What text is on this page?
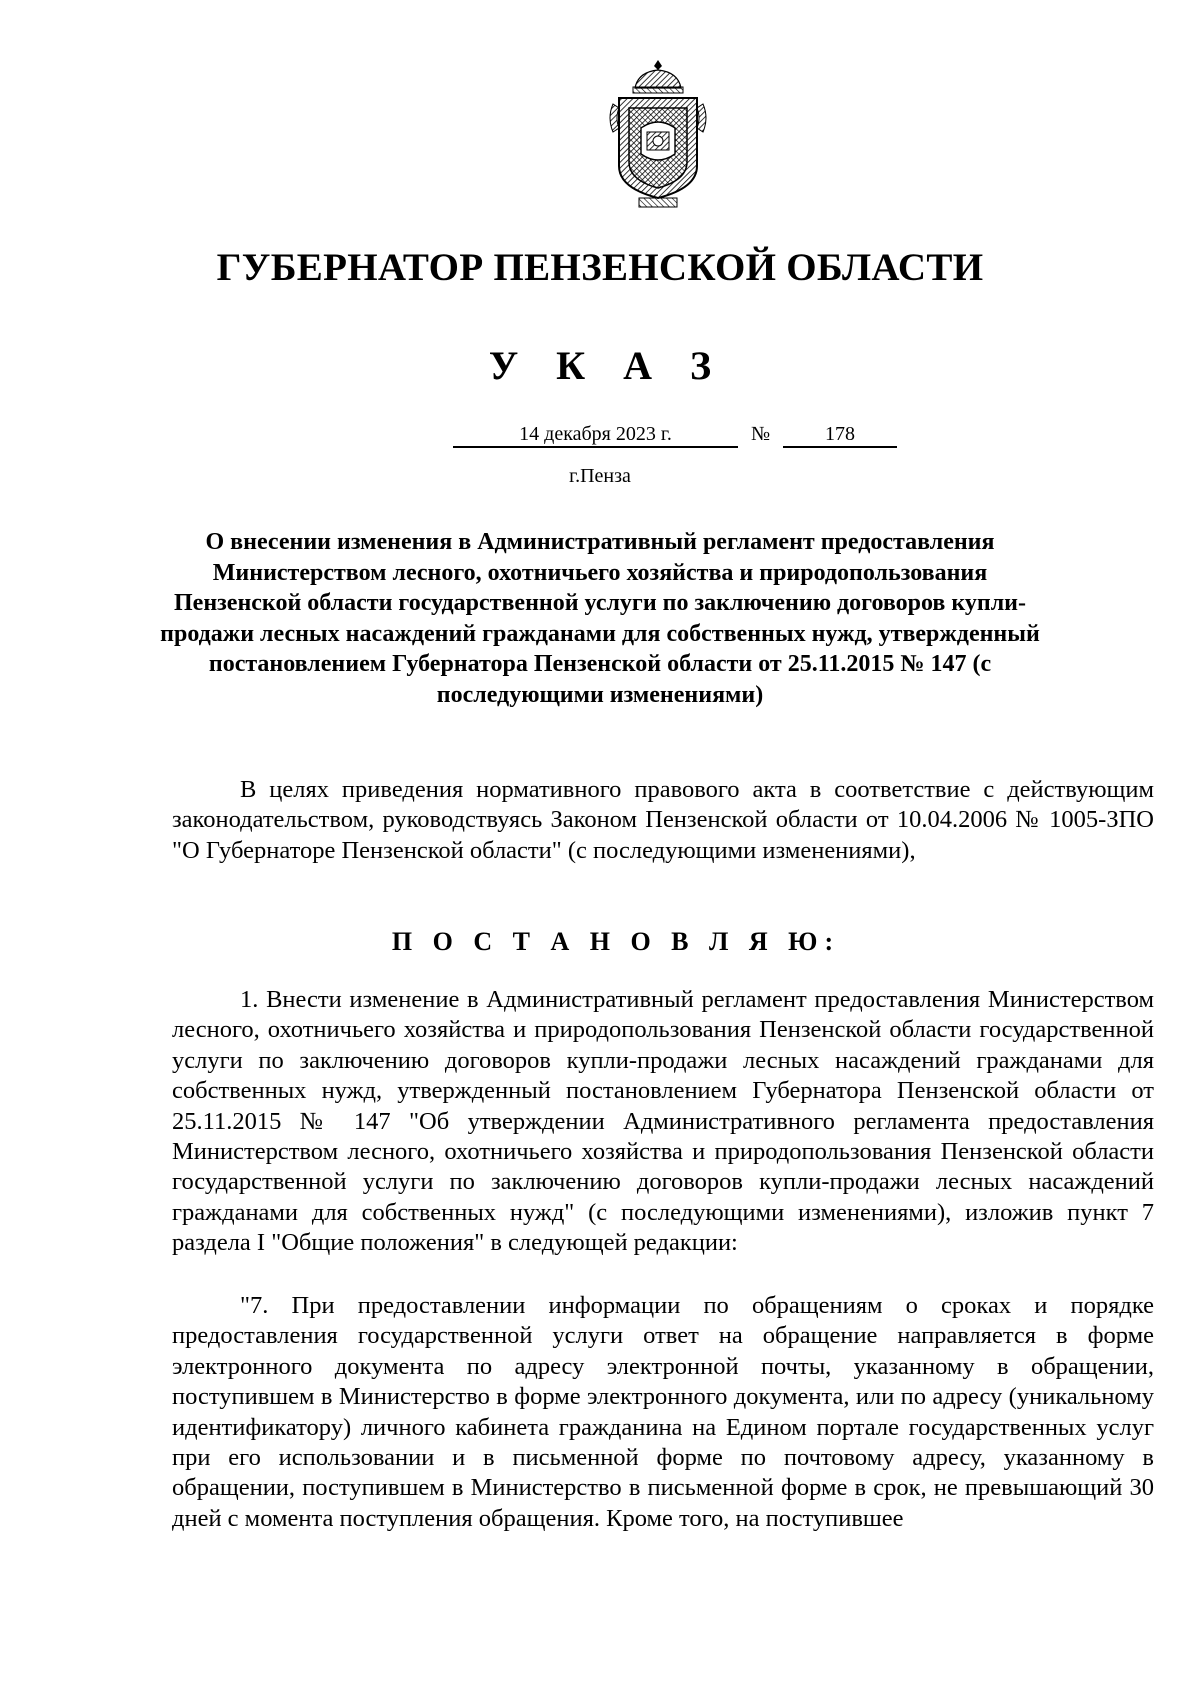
ГУБЕРНАТОР ПЕНЗЕНСКОЙ ОБЛАСТИ
У К А З
14 декабря 2023 г.	№	178
г.Пенза

О внесении изменения в Административный регламент предоставления Министерством лесного, охотничьего хозяйства и природопользования Пензенской области государственной услуги по заключению договоров купли-продажи лесных насаждений гражданами для собственных нужд, утвержденный постановлением Губернатора Пензенской области от 25.11.2015 № 147 (с последующими изменениями)

В целях приведения нормативного правового акта в соответствие с действующим законодательством, руководствуясь Законом Пензенской области от 10.04.2006 № 1005-ЗПО "О Губернаторе Пензенской области" (с последующими изменениями),

П О С Т А Н О В Л Я Ю:

1. Внести изменение в Административный регламент предоставления Министерством лесного, охотничьего хозяйства и природопользования Пензенской области государственной услуги по заключению договоров купли-продажи лесных насаждений гражданами для собственных нужд, утвержденный постановлением Губернатора Пензенской области от 25.11.2015 № 147 "Об утверждении Административного регламента предоставления Министерством лесного, охотничьего хозяйства и природопользования Пензенской области государственной услуги по заключению договоров купли-продажи лесных насаждений гражданами для собственных нужд" (с последующими изменениями), изложив пункт 7 раздела I "Общие положения" в следующей редакции:

"7. При предоставлении информации по обращениям о сроках и порядке предоставления государственной услуги ответ на обращение направляется в форме электронного документа по адресу электронной почты, указанному в обращении, поступившем в Министерство в форме электронного документа, или по адресу (уникальному идентификатору) личного кабинета гражданина на Едином портале государственных услуг при его использовании и в письменной форме по почтовому адресу, указанному в обращении, поступившем в Министерство в письменной форме в срок, не превышающий 30 дней с момента поступления обращения. Кроме того, на поступившее
